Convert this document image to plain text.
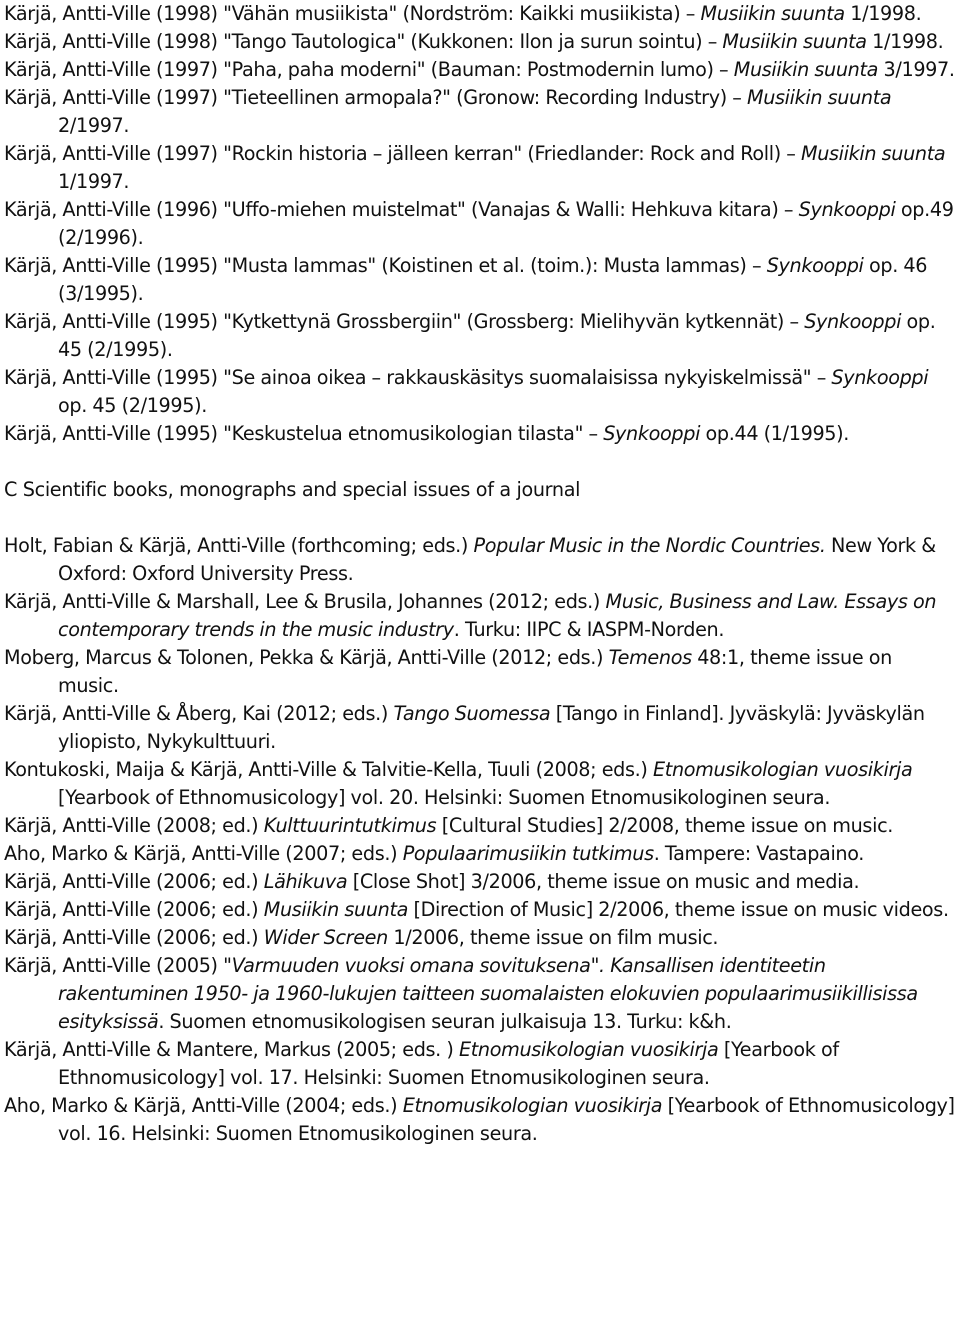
Kärjä, Antti-Ville (1998) "Vähän musiikista" (Nordström: Kaikki musiikista) – Musiikin suunta 1/1998.

Kärjä, Antti-Ville (1998) "Tango Tautologica" (Kukkonen: Ilon ja surun sointu) – Musiikin suunta 1/1998.

Kärjä, Antti-Ville (1997) "Paha, paha moderni" (Bauman: Postmodernin lumo) – Musiikin suunta 3/1997.

Kärjä, Antti-Ville (1997) "Tieteellinen armopala?" (Gronow: Recording Industry) – Musiikin suunta 2/1997.

Kärjä, Antti-Ville (1997) "Rockin historia – jälleen kerran" (Friedlander: Rock and Roll) – Musiikin suunta 1/1997.

Kärjä, Antti-Ville (1996) "Uffo-miehen muistelmat" (Vanajas & Walli: Hehkuva kitara) – Synkooppi op.49 (2/1996).

Kärjä, Antti-Ville (1995) "Musta lammas" (Koistinen et al. (toim.): Musta lammas) – Synkooppi op. 46 (3/1995).

Kärjä, Antti-Ville (1995) "Kytkettynä Grossbergiin" (Grossberg: Mielihyvän kytkennät) – Synkooppi op. 45 (2/1995).

Kärjä, Antti-Ville (1995) "Se ainoa oikea – rakkauskäsitys suomalaisissa nykyiskelmissä" – Synkooppi op. 45 (2/1995).

Kärjä, Antti-Ville (1995) "Keskustelua etnomusikologian tilasta" – Synkooppi op.44 (1/1995).

C Scientific books, monographs and special issues of a journal

Holt, Fabian & Kärjä, Antti-Ville (forthcoming; eds.) Popular Music in the Nordic Countries. New York & Oxford: Oxford University Press.

Kärjä, Antti-Ville & Marshall, Lee & Brusila, Johannes (2012; eds.) Music, Business and Law. Essays on contemporary trends in the music industry. Turku: IIPC & IASPM-Norden.

Moberg, Marcus & Tolonen, Pekka & Kärjä, Antti-Ville (2012; eds.) Temenos 48:1, theme issue on music.

Kärjä, Antti-Ville & Åberg, Kai (2012; eds.) Tango Suomessa [Tango in Finland]. Jyväskylä: Jyväskylän yliopisto, Nykykulttuuri.

Kontukoski, Maija & Kärjä, Antti-Ville & Talvitie-Kella, Tuuli (2008; eds.) Etnomusikologian vuosikirja [Yearbook of Ethnomusicology] vol. 20. Helsinki: Suomen Etnomusikologinen seura.

Kärjä, Antti-Ville (2008; ed.) Kulttuurintutkimus [Cultural Studies] 2/2008, theme issue on music.

Aho, Marko & Kärjä, Antti-Ville (2007; eds.) Populaarimusiikin tutkimus. Tampere: Vastapaino.

Kärjä, Antti-Ville (2006; ed.) Lähikuva [Close Shot] 3/2006, theme issue on music and media.

Kärjä, Antti-Ville (2006; ed.) Musiikin suunta [Direction of Music] 2/2006, theme issue on music videos.

Kärjä, Antti-Ville (2006; ed.) Wider Screen 1/2006, theme issue on film music.

Kärjä, Antti-Ville (2005) "Varmuuden vuoksi omana sovituksena". Kansallisen identiteetin rakentuminen 1950- ja 1960-lukujen taitteen suomalaisten elokuvien populaarimusiikillisissa esityksissä. Suomen etnomusikologisen seuran julkaisuja 13. Turku: k&h.

Kärjä, Antti-Ville & Mantere, Markus (2005; eds. ) Etnomusikologian vuosikirja [Yearbook of Ethnomusicology] vol. 17. Helsinki: Suomen Etnomusikologinen seura.

Aho, Marko & Kärjä, Antti-Ville (2004; eds.) Etnomusikologian vuosikirja [Yearbook of Ethnomusicology] vol. 16. Helsinki: Suomen Etnomusikologinen seura.
